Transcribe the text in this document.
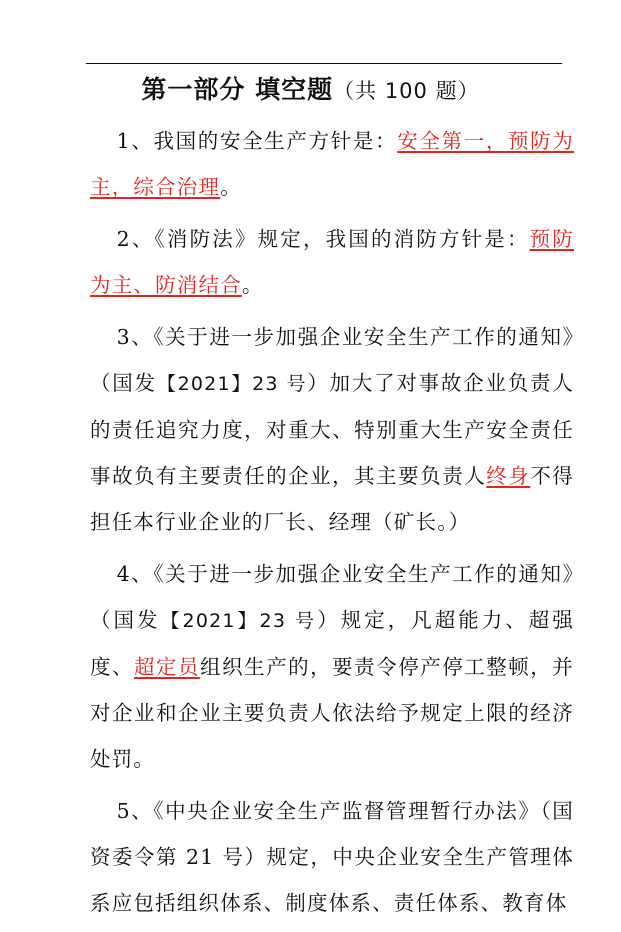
第一部分 填空题（共 100 题）

1、我国的安全生产方针是：安全第一，预防为主，综合治理。

2、《消防法》规定，我国的消防方针是：预防为主、防消结合。

3、《关于进一步加强企业安全生产工作的通知》（国发【2021】23 号）加大了对事故企业负责人的责任追究力度，对重大、特别重大生产安全责任事故负有主要责任的企业，其主要负责人终身不得担任本行业企业的厂长、经理（矿长。）

4、《关于进一步加强企业安全生产工作的通知》（国发【2021】23 号）规定，凡超能力、超强度、超定员组织生产的，要责令停产停工整顿，并对企业和企业主要负责人依法给予规定上限的经济处罚。

5、《中央企业安全生产监督管理暂行办法》（国资委令第 21 号）规定，中央企业安全生产管理体系应包括组织体系、制度体系、责任体系、教育体
